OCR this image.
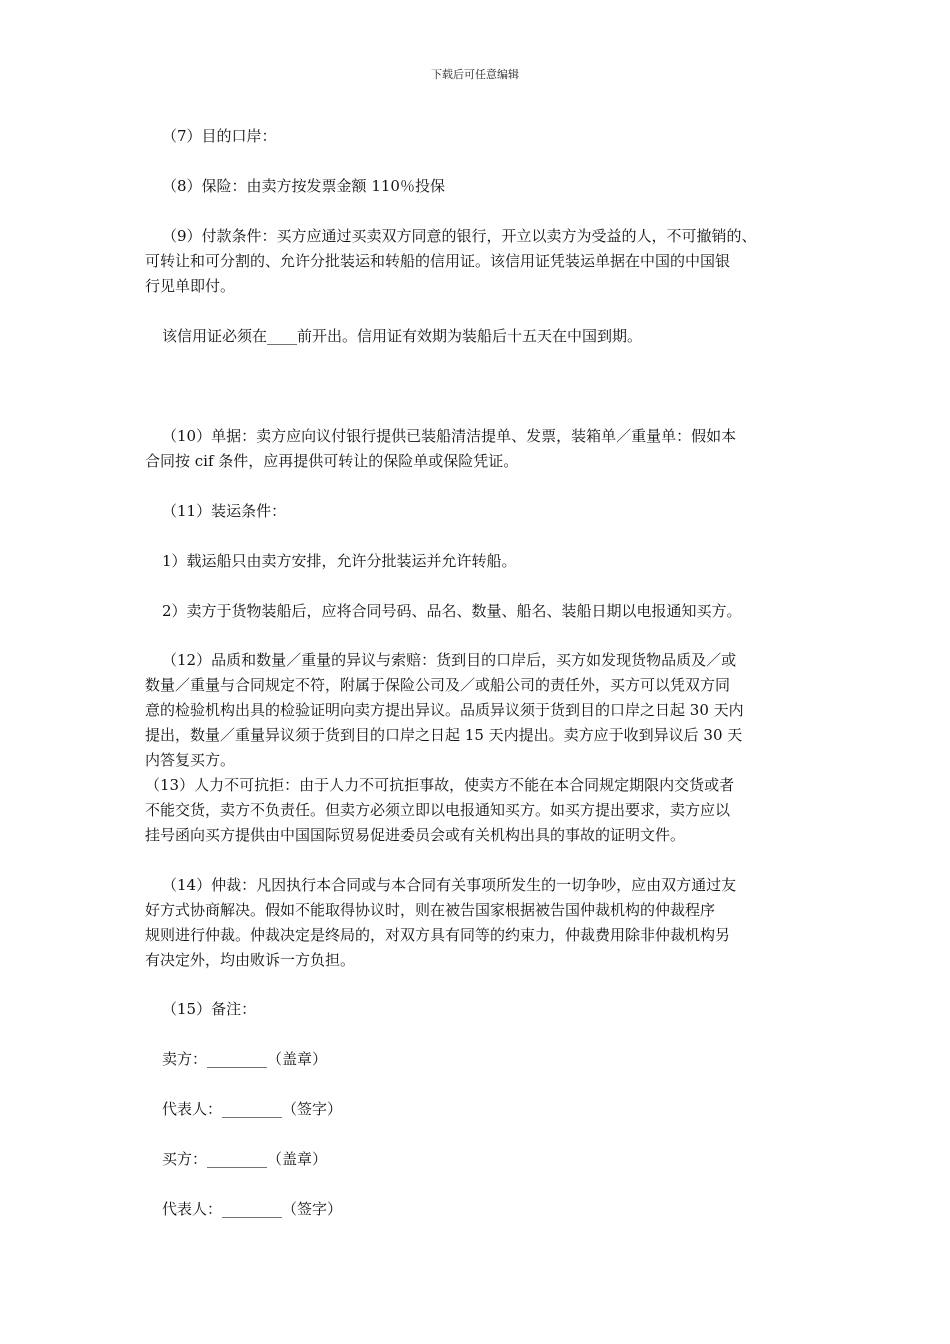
下载后可任意编辑

（7）目的口岸：

（8）保险：由卖方按发票金额 110％投保

（9）付款条件：买方应通过买卖双方同意的银行，开立以卖方为受益的人，不可撤销的、

可转让和可分割的、允许分批装运和转船的信用证。该信用证凭装运单据在中国的中国银

行见单即付。

该信用证必须在____前开出。信用证有效期为装船后十五天在中国到期。

（10）单据：卖方应向议付银行提供已装船清洁提单、发票，装箱单／重量单：假如本

合同按 cif 条件，应再提供可转让的保险单或保险凭证。

（11）装运条件：

1）载运船只由卖方安排，允许分批装运并允许转船。

2）卖方于货物装船后，应将合同号码、品名、数量、船名、装船日期以电报通知买方。

（12）品质和数量／重量的异议与索赔：货到目的口岸后，买方如发现货物品质及／或

数量／重量与合同规定不符，附属于保险公司及／或船公司的责任外，买方可以凭双方同

意的检验机构出具的检验证明向卖方提出异议。品质异议须于货到目的口岸之日起 30 天内

提出，数量／重量异议须于货到目的口岸之日起 15 天内提出。卖方应于收到异议后 30 天

内答复买方。

（13）人力不可抗拒：由于人力不可抗拒事故，使卖方不能在本合同规定期限内交货或者

不能交货，卖方不负责任。但卖方必须立即以电报通知买方。如买方提出要求，卖方应以

挂号函向买方提供由中国国际贸易促进委员会或有关机构出具的事故的证明文件。

（14）仲裁：凡因执行本合同或与本合同有关事项所发生的一切争吵，应由双方通过友

好方式协商解决。假如不能取得协议时，则在被告国家根据被告国仲裁机构的仲裁程序

规则进行仲裁。仲裁决定是终局的，对双方具有同等的约束力，仲裁费用除非仲裁机构另

有决定外，均由败诉一方负担。

（15）备注：

卖方：________（盖章）

代表人：________（签字）

买方：________（盖章）

代表人：________（签字）
